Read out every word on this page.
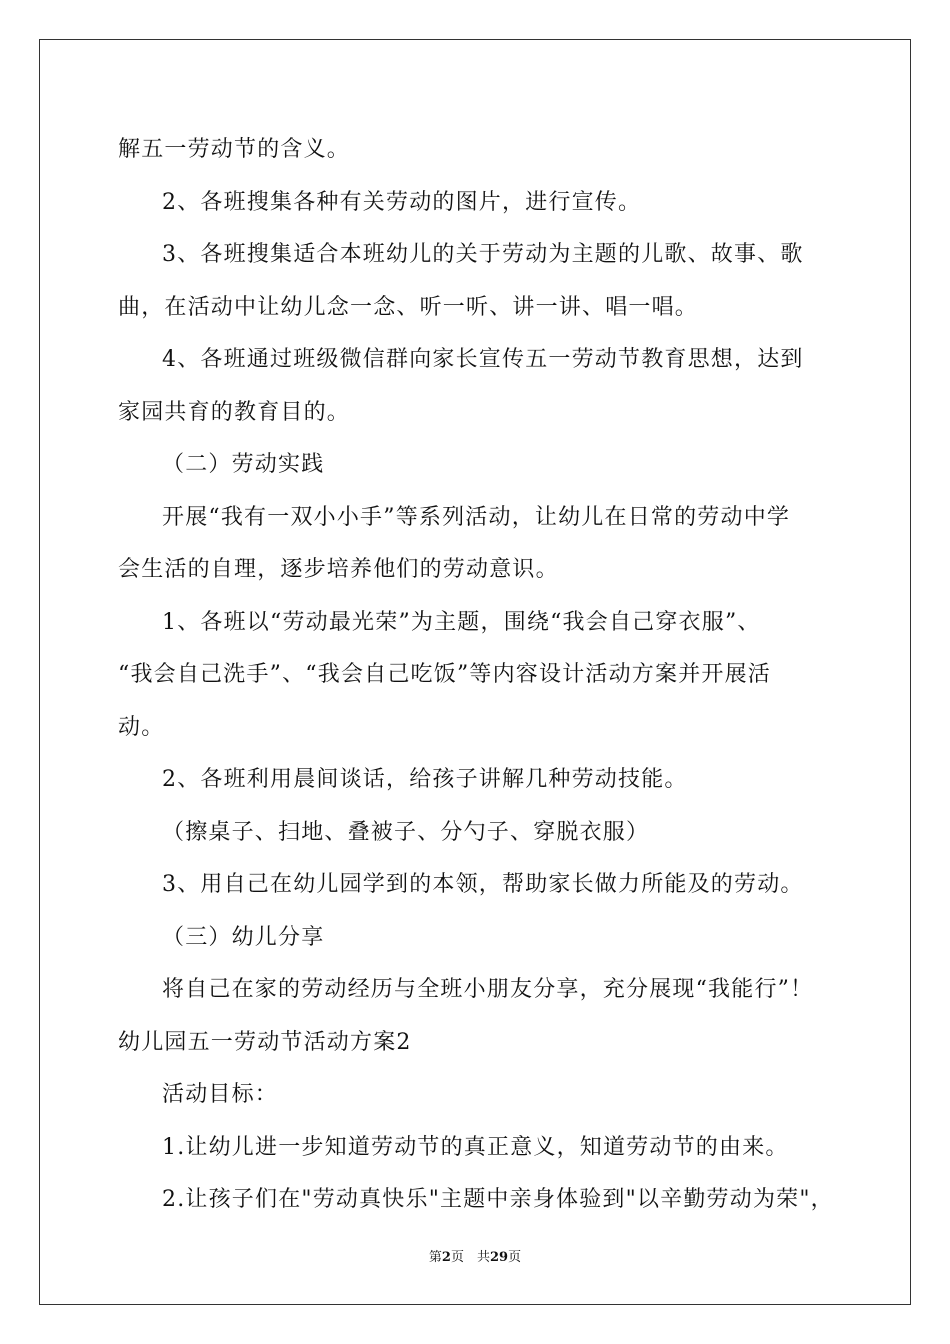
解五一劳动节的含义。
2、各班搜集各种有关劳动的图片，进行宣传。
3、各班搜集适合本班幼儿的关于劳动为主题的儿歌、故事、歌
曲，在活动中让幼儿念一念、听一听、讲一讲、唱一唱。
4、各班通过班级微信群向家长宣传五一劳动节教育思想，达到
家园共育的教育目的。
（二）劳动实践
开展“我有一双小小手”等系列活动，让幼儿在日常的劳动中学
会生活的自理，逐步培养他们的劳动意识。
1、各班以“劳动最光荣”为主题，围绕“我会自己穿衣服”、
“我会自己洗手”、“我会自己吃饭”等内容设计活动方案并开展活
动。
2、各班利用晨间谈话，给孩子讲解几种劳动技能。
（擦桌子、扫地、叠被子、分勺子、穿脱衣服）
3、用自己在幼儿园学到的本领，帮助家长做力所能及的劳动。
（三）幼儿分享
将自己在家的劳动经历与全班小朋友分享，充分展现“我能行”！
幼儿园五一劳动节活动方案2
活动目标：
1.让幼儿进一步知道劳动节的真正意义，知道劳动节的由来。
2.让孩子们在"劳动真快乐"主题中亲身体验到"以辛勤劳动为荣"，
第2页　共29页
